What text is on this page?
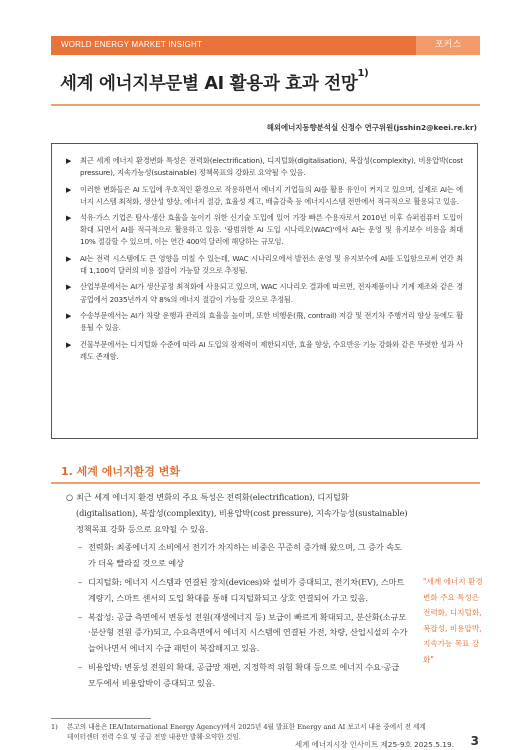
WORLD ENERGY MARKET INSIGHT	포커스
세계 에너지부문별 AI 활용과 효과 전망$^{1)}$
해외에너지동향분석실 신정수 연구위원(jsshin2@keei.re.kr)
▶ 최근 세계 에너지 환경변화 특성은 전력화(electrification), 디지털화(digitalisation), 복잡성(complexity), 비용압박(cost pressure), 지속가능성(sustainable) 정책목표의 강화로 요약될 수 있음.
▶ 이러한 변화들은 AI 도입에 우호적인 환경으로 작용하면서 에너지 기업들의 AI를 활용 유인이 커지고 있으며, 실제로 AI는 에너지 시스템 최적화, 생산성 향상, 에너지 절감, 효율성 제고, 배출감축 등 에너지시스템 전반에서 적극적으로 활용되고 있음.
▶ 석유·가스 기업은 탐사·생산 효율을 높이기 위한 신기술 도입에 있어 가장 빠른 수용자로서 2010년 이후 슈퍼컴퓨터 도입이 확대 되면서 AI를 적극적으로 활용하고 있음. '광범위한 AI 도입 시나리오(WAC)'에서 AI는 운영 및 유지보수 비용을 최대 10% 절감할 수 있으며, 이는 연간 400억 달러에 해당하는 규모임.
▶ AI는 전력 시스템에도 큰 영향을 미칠 수 있는데, WAC 시나리오에서 발전소 운영 및 유지보수에 AI를 도입함으로써 연간 최대 1,100억 달러의 비용 절감이 가능할 것으로 추정됨.
▶ 산업부문에서는 AI가 생산공정 최적화에 사용되고 있으며, WAC 시나리오 결과에 따르면, 전자제품이나 기계 제조와 같은 경공업에서 2035년까지 약 8%의 에너지 절감이 가능할 것으로 추정됨.
▶ 수송부문에서는 AI가 차량 운행과 관리의 효율을 높이며, 또한 비행운(飛, contrail) 저감 및 전기차 주행거리 향상 등에도 활용될 수 있음.
▶ 건물부문에서는 디지털화 수준에 따라 AI 도입의 잠재력이 제한되지만, 효율 향상, 수요반응 기능 강화와 같은 뚜렷한 성과 사례도 존재함.
1. 세계 에너지환경 변화

○ 최근 세계 에너지 환경 변화의 주요 특성은 전력화(electrification), 디지털화(digitalisation), 복잡성(complexity), 비용압박(cost pressure), 지속가능성(sustainable) 정책목표 강화 등으로 요약될 수 있음.

– 전력화: 최종에너지 소비에서 전기가 차지하는 비중은 꾸준히 증가해 왔으며, 그 증가 속도가 더욱 빨라질 것으로 예상

– 디지털화: 에너지 시스템과 연결된 장치(devices)와 설비가 증대되고, 전기차(EV), 스마트 계량기, 스마트 센서의 도입 확대를 통해 디지털화되고 상호 연결되어 가고 있음.

– 복잡성: 공급 측면에서 변동성 전원(재생에너지 등) 보급이 빠르게 확대되고, 분산화(소규모·분산형 전원 증가)되고, 수요측면에서 에너지 시스템에 연결된 가전, 차량, 산업시설의 수가 늘어나면서 에너지 수급 패턴이 복잡해지고 있음.

– 비용압박: 변동성 전원의 확대, 공급망 재편, 지정학적 위험 확대 등으로 에너지 수요·공급 모두에서 비용압박이 증대되고 있음.

"세계 에너지 환경 변화 주요 특성은 전력화, 디지털화, 복잡성, 비용압박, 지속가능 목표 강화"
1)	본고의 내용은 IEA(International Energy Agency)에서 2025년 4월 발표한 Energy and AI 보고서 내용 중에서 전 세계 데이터센터 전력 수요 및 공급 전망 내용만 발췌·요약한 것임.
세계 에너지시장 인사이트 제25-9호 2025.5.19. 3
